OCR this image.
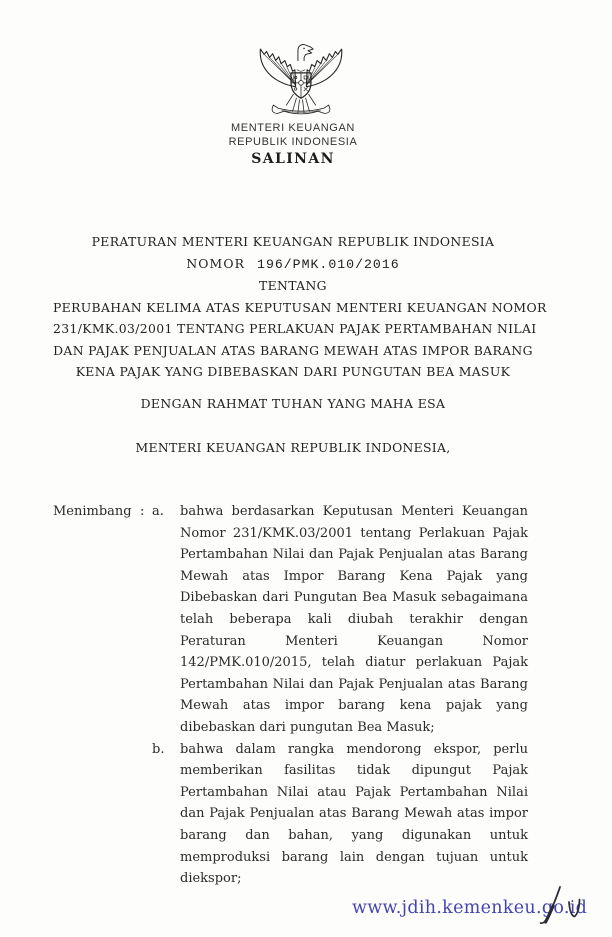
MENTERI KEUANGAN
REPUBLIK INDONESIA
SALINAN
PERATURAN MENTERI KEUANGAN REPUBLIK INDONESIA
NOMOR 196/PMK.010/2016
TENTANG
PERUBAHAN KELIMA ATAS KEPUTUSAN MENTERI KEUANGAN NOMOR
231/KMK.03/2001 TENTANG PERLAKUAN PAJAK PERTAMBAHAN NILAI
DAN PAJAK PENJUALAN ATAS BARANG MEWAH ATAS IMPOR BARANG
KENA PAJAK YANG DIBEBASKAN DARI PUNGUTAN BEA MASUK
DENGAN RAHMAT TUHAN YANG MAHA ESA
MENTERI KEUANGAN REPUBLIK INDONESIA,
Menimbang : a.	bahwa berdasarkan Keputusan Menteri Keuangan Nomor 231/KMK.03/2001 tentang Perlakuan Pajak Pertambahan Nilai dan Pajak Penjualan atas Barang Mewah atas Impor Barang Kena Pajak yang Dibebaskan dari Pungutan Bea Masuk sebagaimana telah beberapa kali diubah terakhir dengan Peraturan Menteri Keuangan Nomor 142/PMK.010/2015, telah diatur perlakuan Pajak Pertambahan Nilai dan Pajak Penjualan atas Barang Mewah atas impor barang kena pajak yang dibebaskan dari pungutan Bea Masuk;
b.	bahwa dalam rangka mendorong ekspor, perlu memberikan fasilitas tidak dipungut Pajak Pertambahan Nilai atau Pajak Pertambahan Nilai dan Pajak Penjualan atas Barang Mewah atas impor barang dan bahan, yang digunakan untuk memproduksi barang lain dengan tujuan untuk diekspor;
www.jdih.kemenkeu.go.id
